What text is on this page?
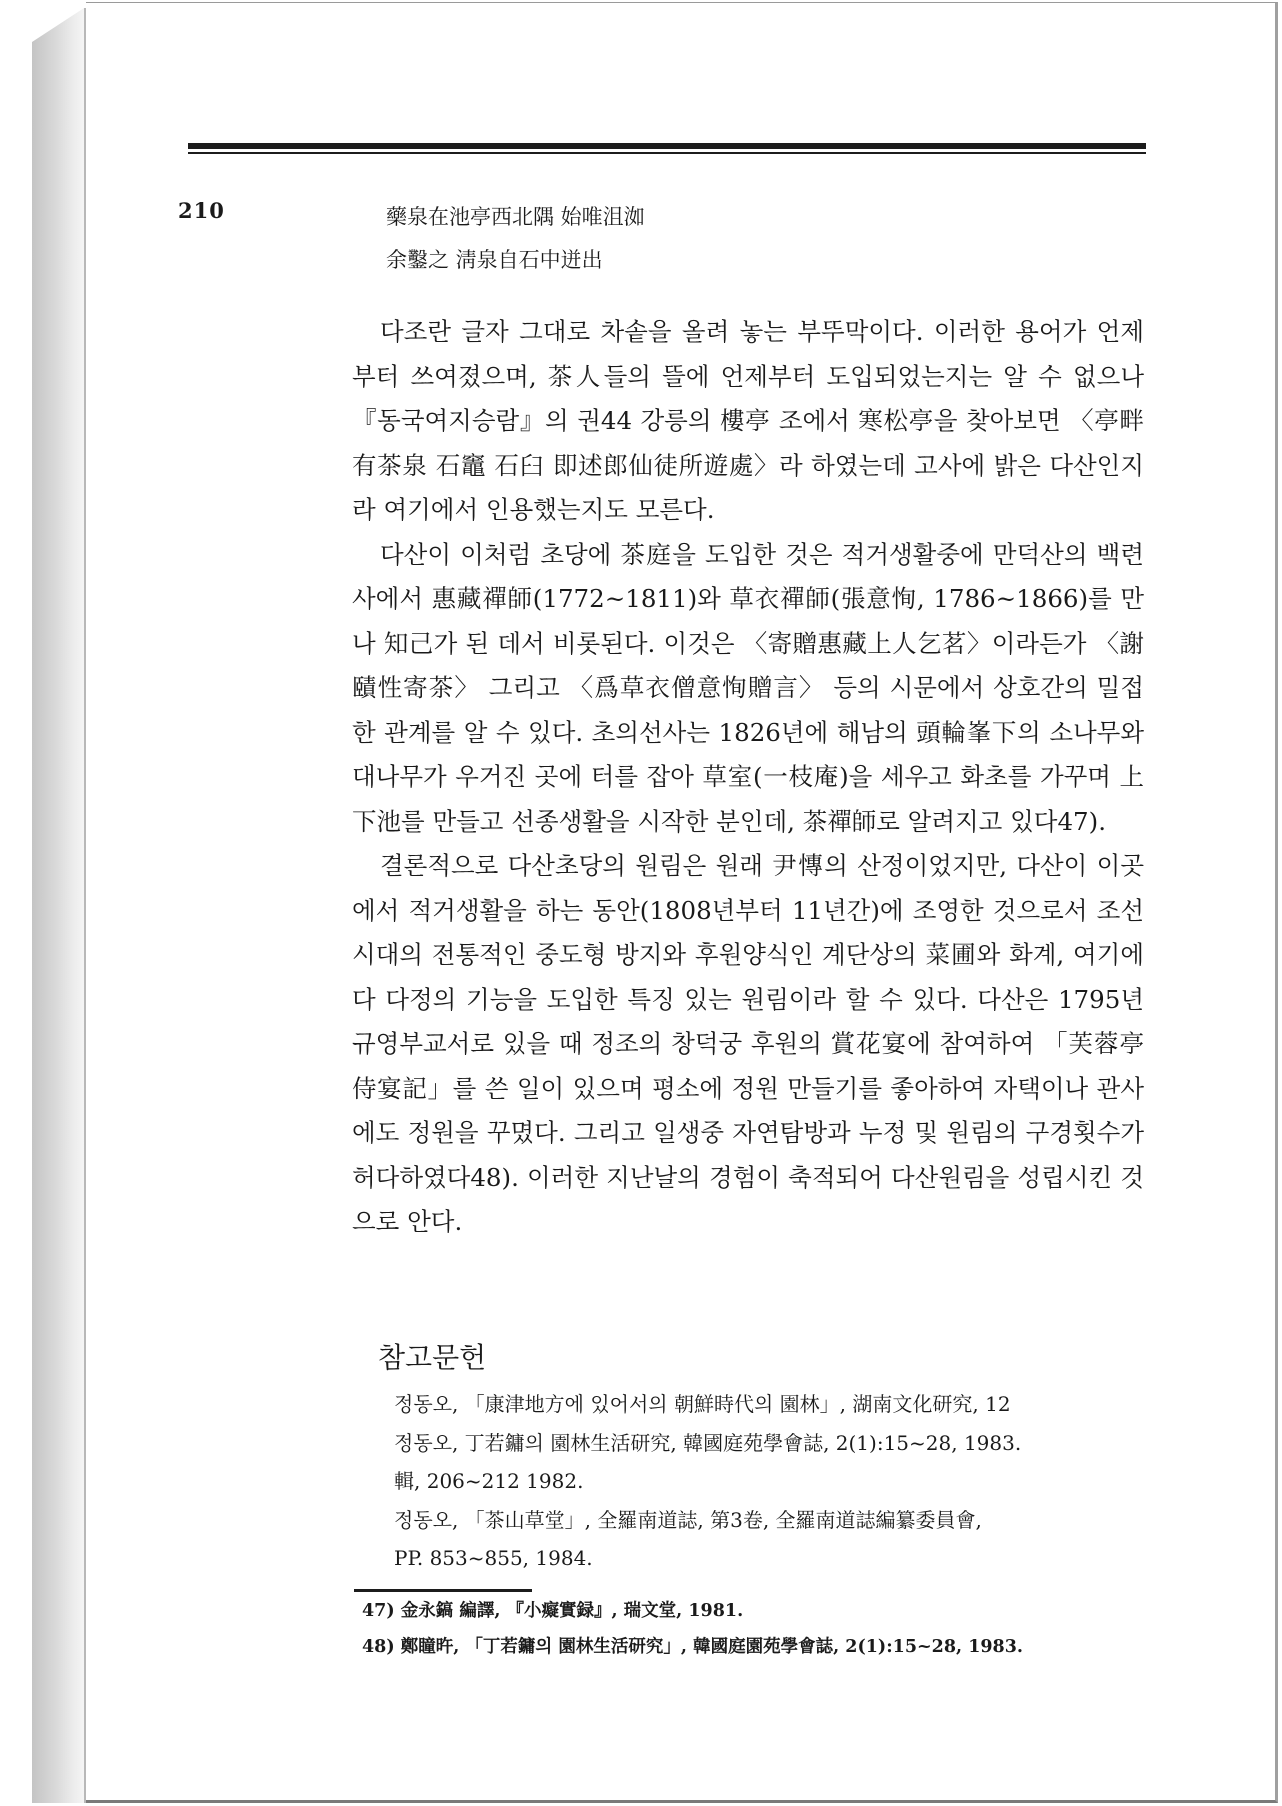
210	藥泉在池亭西北隅 始唯沮洳
余鑿之 淸泉自石中迸出

다조란 글자 그대로 차솥을 올려 놓는 부뚜막이다. 이러한 용어가 언제부터 쓰여졌으며, 茶人들의 뜰에 언제부터 도입되었는지는 알 수 없으나 『동국여지승람』의 권44 강릉의 樓亭 조에서 寒松亭을 찾아보면 〈亭畔 有茶泉 石竈 石臼 即述郎仙徒所遊處〉라 하였는데 고사에 밝은 다산인지라 여기에서 인용했는지도 모른다.

다산이 이처럼 초당에 茶庭을 도입한 것은 적거생활중에 만덕산의 백련사에서 惠藏禪師(1772~1811)와 草衣禪師(張意恂, 1786~1866)를 만나 知己가 된 데서 비롯된다. 이것은 〈寄贈惠藏上人乞茗〉이라든가 〈謝賾性寄茶〉 그리고 〈爲草衣僧意恂贈言〉 등의 시문에서 상호간의 밀접한 관계를 알 수 있다. 초의선사는 1826년에 해남의 頭輪峯下의 소나무와 대나무가 우거진 곳에 터를 잡아 草室(一枝庵)을 세우고 화초를 가꾸며 上下池를 만들고 선종생활을 시작한 분인데, 茶禪師로 알려지고 있다47).

결론적으로 다산초당의 원림은 원래 尹慱의 산정이었지만, 다산이 이곳에서 적거생활을 하는 동안(1808년부터 11년간)에 조영한 것으로서 조선시대의 전통적인 중도형 방지와 후원양식인 계단상의 菜圃와 화계, 여기에다 다정의 기능을 도입한 특징 있는 원림이라 할 수 있다. 다산은 1795년 규영부교서로 있을 때 정조의 창덕궁 후원의 賞花宴에 참여하여 「芙蓉亭侍宴記」를 쓴 일이 있으며 평소에 정원 만들기를 좋아하여 자택이나 관사에도 정원을 꾸몄다. 그리고 일생중 자연탐방과 누정 및 원림의 구경횟수가 허다하였다48). 이러한 지난날의 경험이 축적되어 다산원림을 성립시킨 것으로 안다.

참고문헌
정동오, 「康津地方에 있어서의 朝鮮時代의 園林」, 湖南文化研究, 12
정동오, 丁若鏞의 園林生活研究, 韓國庭苑學會誌, 2(1):15~28, 1983.
輯, 206~212 1982.
정동오, 「茶山草堂」, 全羅南道誌, 第3卷, 全羅南道誌編纂委員會,
PP. 853~855, 1984.
47) 金永鎬 編譯, 『小癡實録』, 瑞文堂, 1981.
48) 鄭瞳旿, 「丁若鏞의 園林生活研究」, 韓國庭園苑學會誌, 2(1):15~28, 1983.
